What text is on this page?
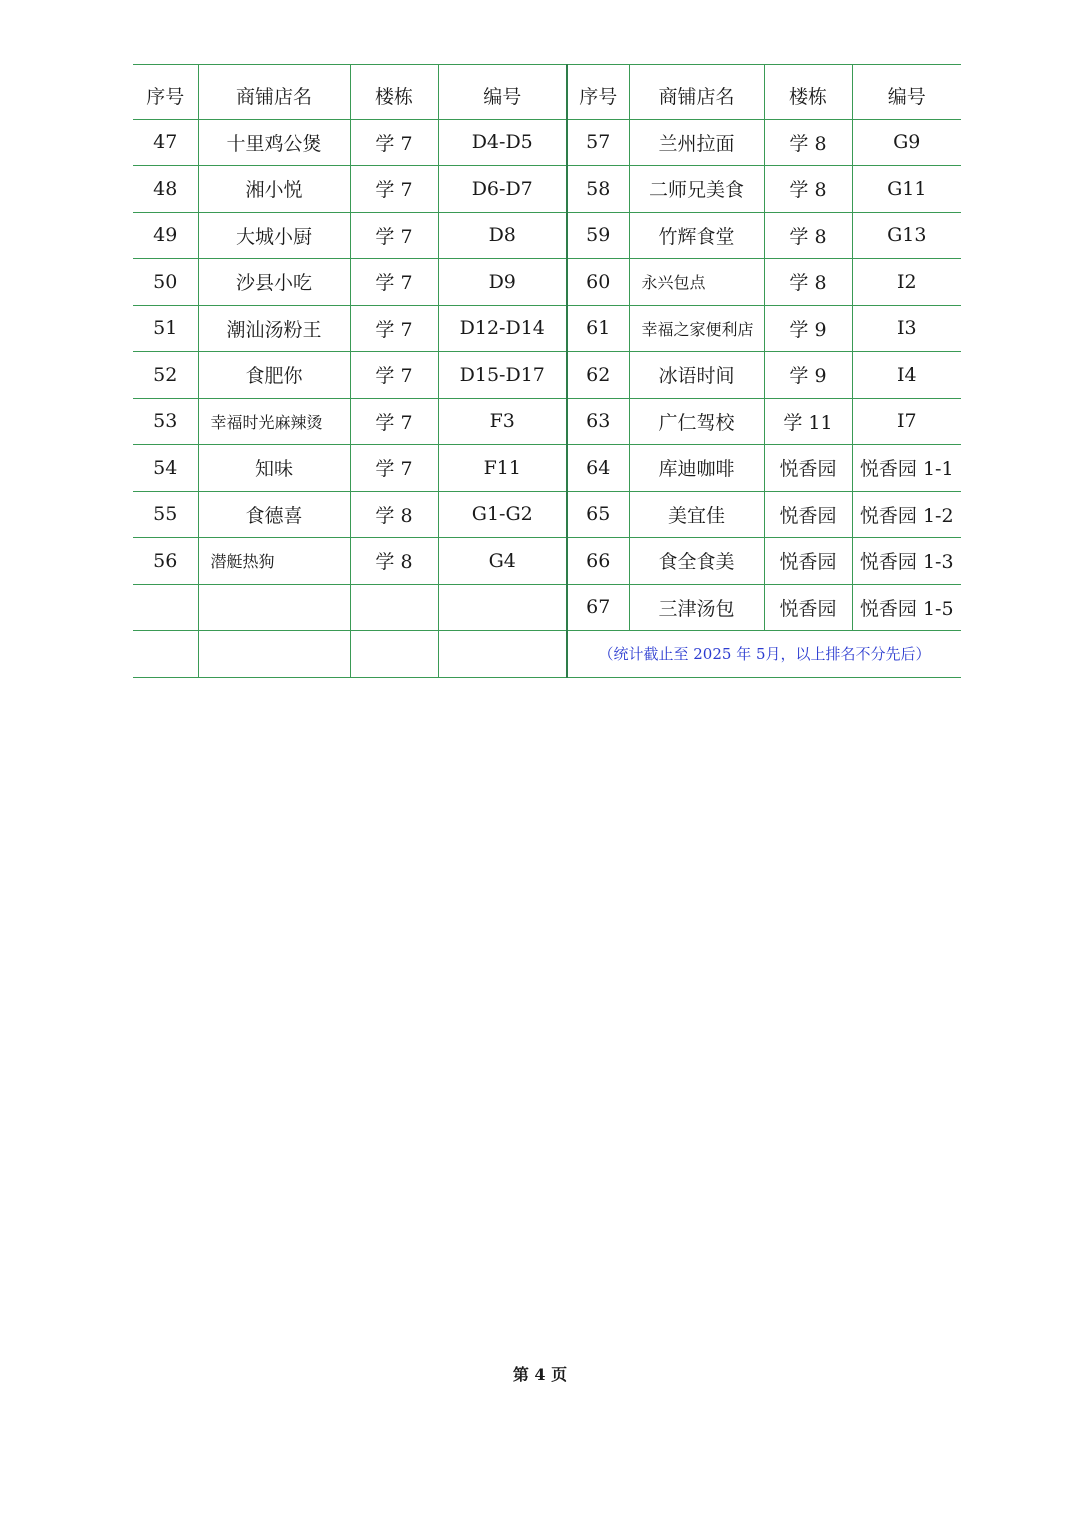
序号	商铺店名	楼栋	编号	序号	商铺店名	楼栋	编号
47	十里鸡公煲	学 7	D4-D5	57	兰州拉面	学 8	G9
48	湘小悦	学 7	D6-D7	58	二师兄美食	学 8	G11
49	大城小厨	学 7	D8	59	竹辉食堂	学 8	G13
50	沙县小吃	学 7	D9	60	永兴包点	学 8	I2
51	潮汕汤粉王	学 7	D12-D14	61	幸福之家便利店	学 9	I3
52	食肥你	学 7	D15-D17	62	冰语时间	学 9	I4
53	幸福时光麻辣烫	学 7	F3	63	广仁驾校	学 11	I7
54	知味	学 7	F11	64	库迪咖啡	悦香园	悦香园 1-1
55	食德喜	学 8	G1-G2	65	美宜佳	悦香园	悦香园 1-2
56	潜艇热狗	学 8	G4	66	食全食美	悦香园	悦香园 1-3
				67	三津汤包	悦香园	悦香园 1-5
				（统计截止至 2025 年 5月，以上排名不分先后）			
第 4 页
